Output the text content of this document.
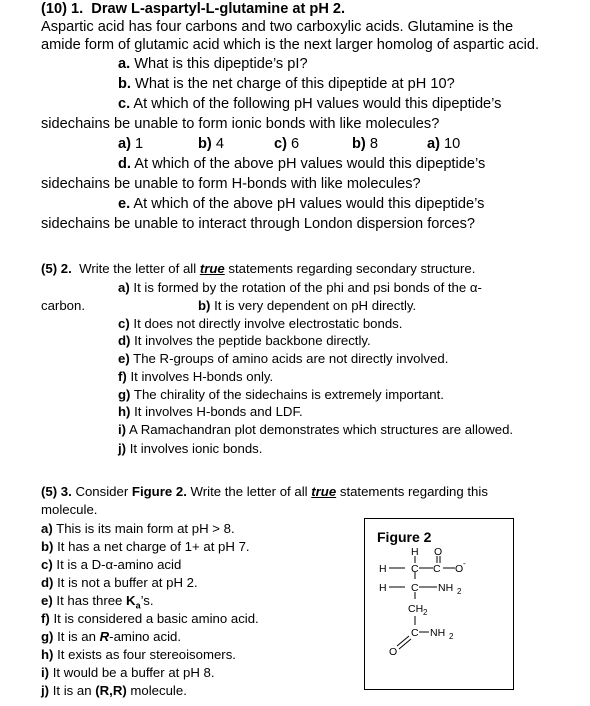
(10) 1. Draw L-aspartyl-L-glutamine at pH 2.
Aspartic acid has four carbons and two carboxylic acids. Glutamine is the
amide form of glutamic acid which is the next larger homolog of aspartic acid.
a. What is this dipeptide’s pI?
b. What is the net charge of this dipeptide at pH 10?
c. At which of the following pH values would this dipeptide’s
sidechains be unable to form ionic bonds with like molecules?
a) 1	b) 4	c) 6	b) 8	a) 10
d. At which of the above pH values would this dipeptide’s
sidechains be unable to form H-bonds with like molecules?
e. At which of the above pH values would this dipeptide’s
sidechains be unable to interact through London dispersion forces?
(5) 2. Write the letter of all true statements regarding secondary structure.
a) It is formed by the rotation of the phi and psi bonds of the α-
carbon.	b) It is very dependent on pH directly.
c) It does not directly involve electrostatic bonds.
d) It involves the peptide backbone directly.
e) The R-groups of amino acids are not directly involved.
f) It involves H-bonds only.
g) The chirality of the sidechains is extremely important.
h) It involves H-bonds and LDF.
i) A Ramachandran plot demonstrates which structures are allowed.
j) It involves ionic bonds.
(5) 3. Consider Figure 2. Write the letter of all true statements regarding this
molecule.
a) This is its main form at pH > 8.
b) It has a net charge of 1+ at pH 7.
c) It is a D-α-amino acid
d) It is not a buffer at pH 2.
e) It has three $K_a’s$.
f) It is considered a basic amino acid.
g) It is an R-amino acid.
h) It exists as four stereoisomers.
i) It would be a buffer at pH 8.
j) It is an (R,R) molecule.
Figure 2
H O
H C C O -
H C NH 2
CH 2
C NH 2
O
